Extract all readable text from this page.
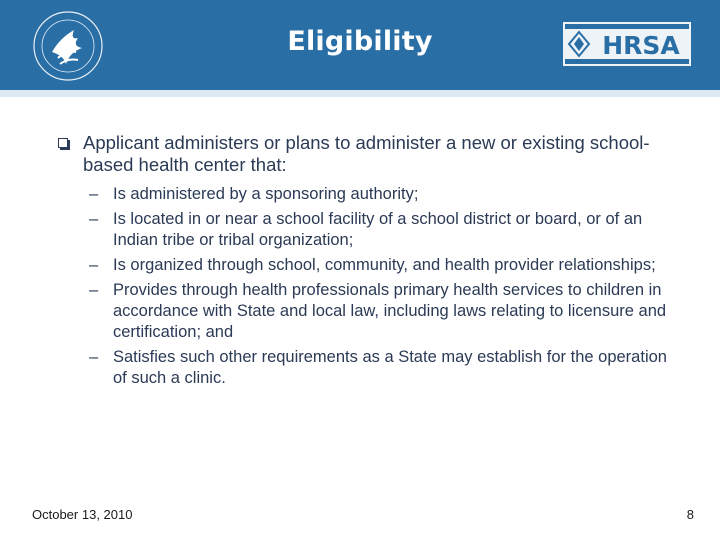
Eligibility	HRSA
Applicant administers or plans to administer a new or existing school-based health center that:
– Is administered by a sponsoring authority;
– Is located in or near a school facility of a school district or board, or of an Indian tribe or tribal organization;
– Is organized through school, community, and health provider relationships;
– Provides through health professionals primary health services to children in accordance with State and local law, including laws relating to licensure and certification; and
– Satisfies such other requirements as a State may establish for the operation of such a clinic.
October 13, 2010	8
